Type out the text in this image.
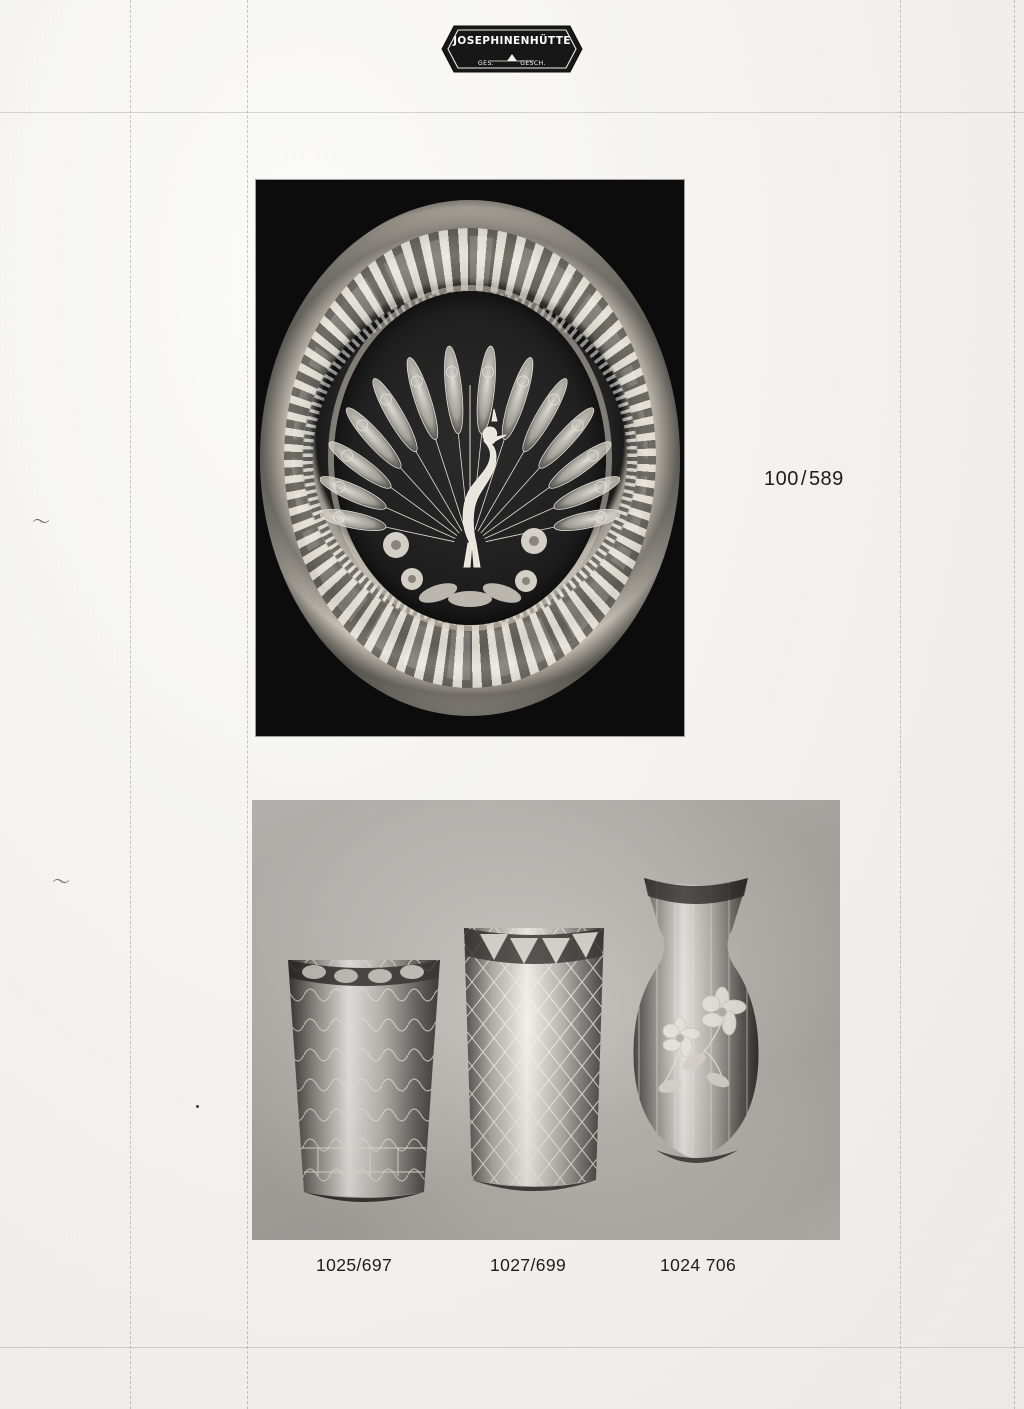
〜
〜
JOSEPHINENHÜTTE
GES.	GESCH.
100 / 589
1025/697	1027/699	1024 706
